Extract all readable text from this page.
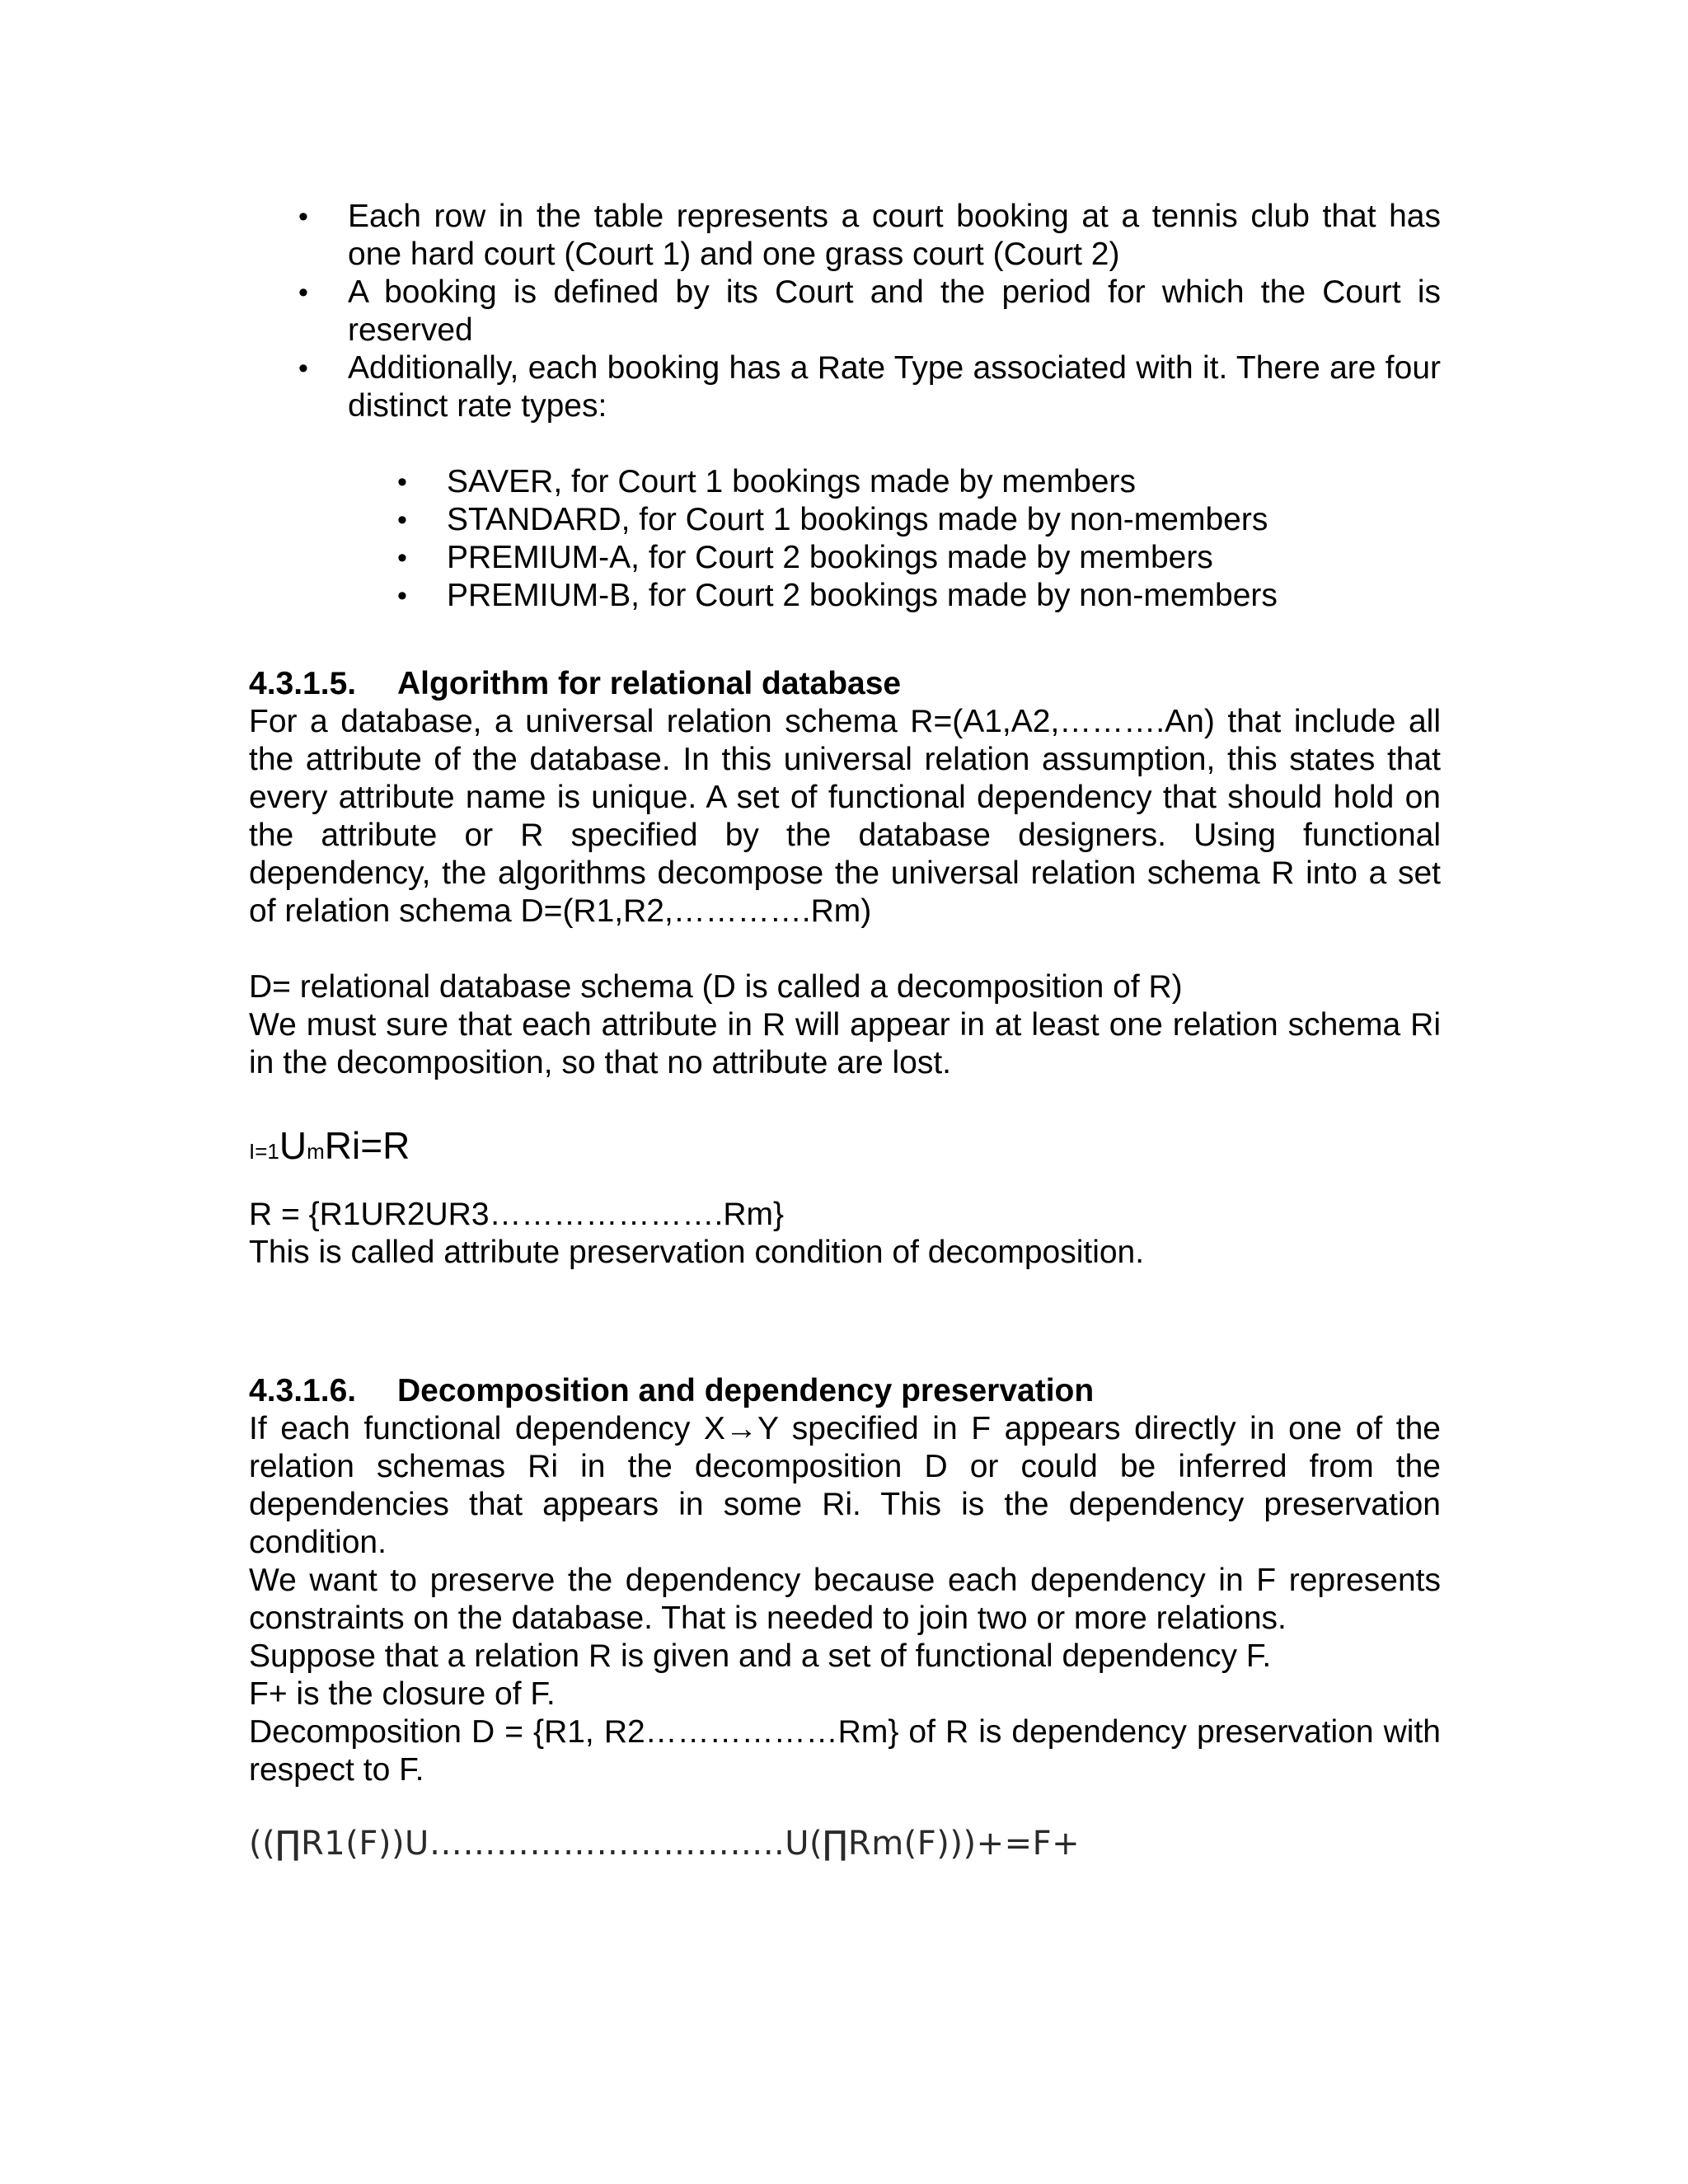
• Each row in the table represents a court booking at a tennis club that has one hard court (Court 1) and one grass court (Court 2)
• A booking is defined by its Court and the period for which the Court is reserved
• Additionally, each booking has a Rate Type associated with it. There are four distinct rate types:
• SAVER, for Court 1 bookings made by members
• STANDARD, for Court 1 bookings made by non-members
• PREMIUM-A, for Court 2 bookings made by members
• PREMIUM-B, for Court 2 bookings made by non-members
4.3.1.5. Algorithm for relational database

For a database, a universal relation schema R=(A1,A2,……….An) that include all the attribute of the database. In this universal relation assumption, this states that every attribute name is unique. A set of functional dependency that should hold on the attribute or R specified by the database designers. Using functional dependency, the algorithms decompose the universal relation schema R into a set of relation schema D=(R1,R2,………….Rm)

D= relational database schema (D is called a decomposition of R)

We must sure that each attribute in R will appear in at least one relation schema Ri in the decomposition, so that no attribute are lost.

I=1UmRi=R

R = {R1UR2UR3………………….Rm}

This is called attribute preservation condition of decomposition.

4.3.1.6. Decomposition and dependency preservation

If each functional dependency X→Y specified in F appears directly in one of the relation schemas Ri in the decomposition D or could be inferred from the dependencies that appears in some Ri. This is the dependency preservation condition.

We want to preserve the dependency because each dependency in F represents constraints on the database. That is needed to join two or more relations.

Suppose that a relation R is given and a set of functional dependency F.

F+ is the closure of F.

Decomposition D = {R1, R2………………Rm} of R is dependency preservation with respect to F.

((∏R1(F))U…………………………..U(∏Rm(F)))+=F+
